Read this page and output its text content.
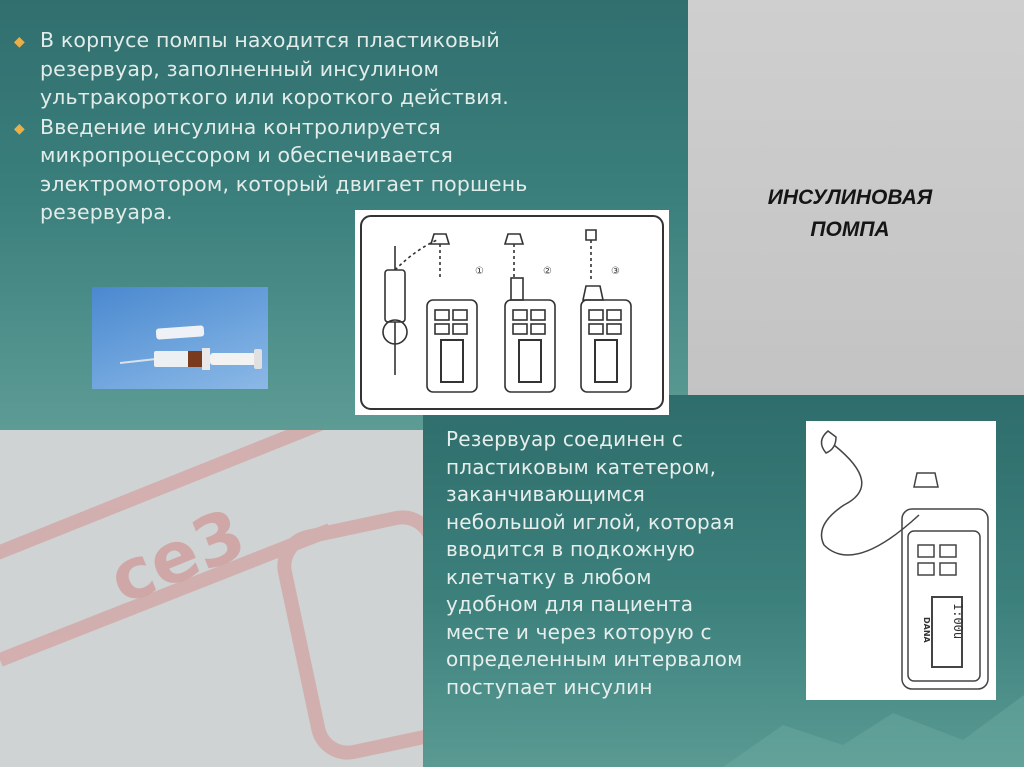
ce3
◆ В корпусе помпы находится пластиковый резервуар, заполненный инсулином ультракороткого или короткого действия.
◆ Введение инсулина контролируется микропроцессором и обеспечивается электромотором, который двигает поршень резервуара.
ИНСУЛИНОВАЯ
ПОМПА
①	②	③
Резервуар соединен с
пластиковым катетером,
заканчивающимся
небольшой иглой, которая
вводится в подкожную
клетчатку в любом
удобном для пациента
месте и через которую с
определенным интервалом
поступает инсулин
1:00u
DANA
